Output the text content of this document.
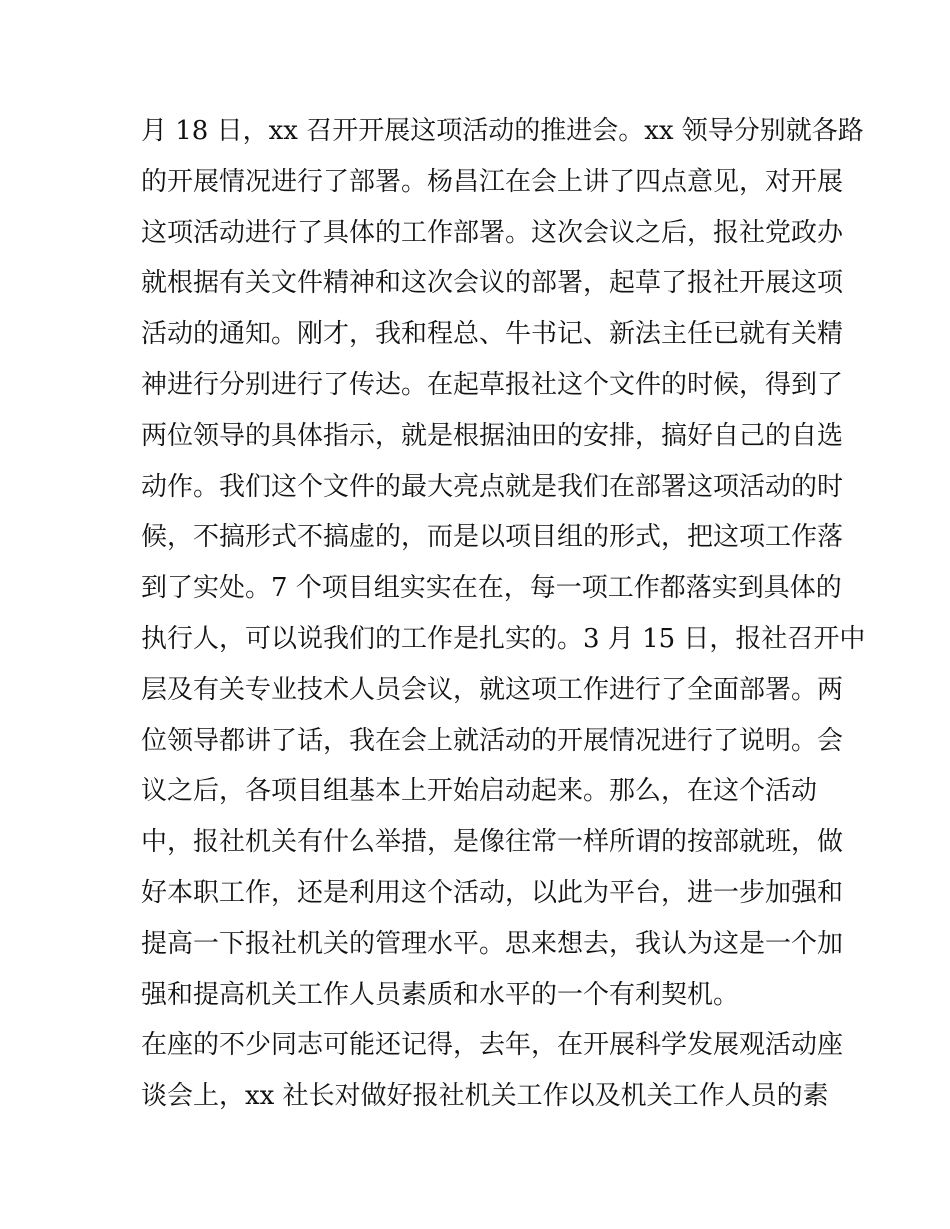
月 18 日，xx 召开开展这项活动的推进会。xx 领导分别就各路
的开展情况进行了部署。杨昌江在会上讲了四点意见，对开展
这项活动进行了具体的工作部署。这次会议之后，报社党政办
就根据有关文件精神和这次会议的部署，起草了报社开展这项
活动的通知。刚才，我和程总、牛书记、新法主任已就有关精
神进行分别进行了传达。在起草报社这个文件的时候，得到了
两位领导的具体指示，就是根据油田的安排，搞好自己的自选
动作。我们这个文件的最大亮点就是我们在部署这项活动的时
候，不搞形式不搞虚的，而是以项目组的形式，把这项工作落
到了实处。7 个项目组实实在在，每一项工作都落实到具体的
执行人，可以说我们的工作是扎实的。3 月 15 日，报社召开中
层及有关专业技术人员会议，就这项工作进行了全面部署。两
位领导都讲了话，我在会上就活动的开展情况进行了说明。会
议之后，各项目组基本上开始启动起来。那么，在这个活动
中，报社机关有什么举措，是像往常一样所谓的按部就班，做
好本职工作，还是利用这个活动，以此为平台，进一步加强和
提高一下报社机关的管理水平。思来想去，我认为这是一个加
强和提高机关工作人员素质和水平的一个有利契机。
在座的不少同志可能还记得，去年，在开展科学发展观活动座
谈会上，xx 社长对做好报社机关工作以及机关工作人员的素
